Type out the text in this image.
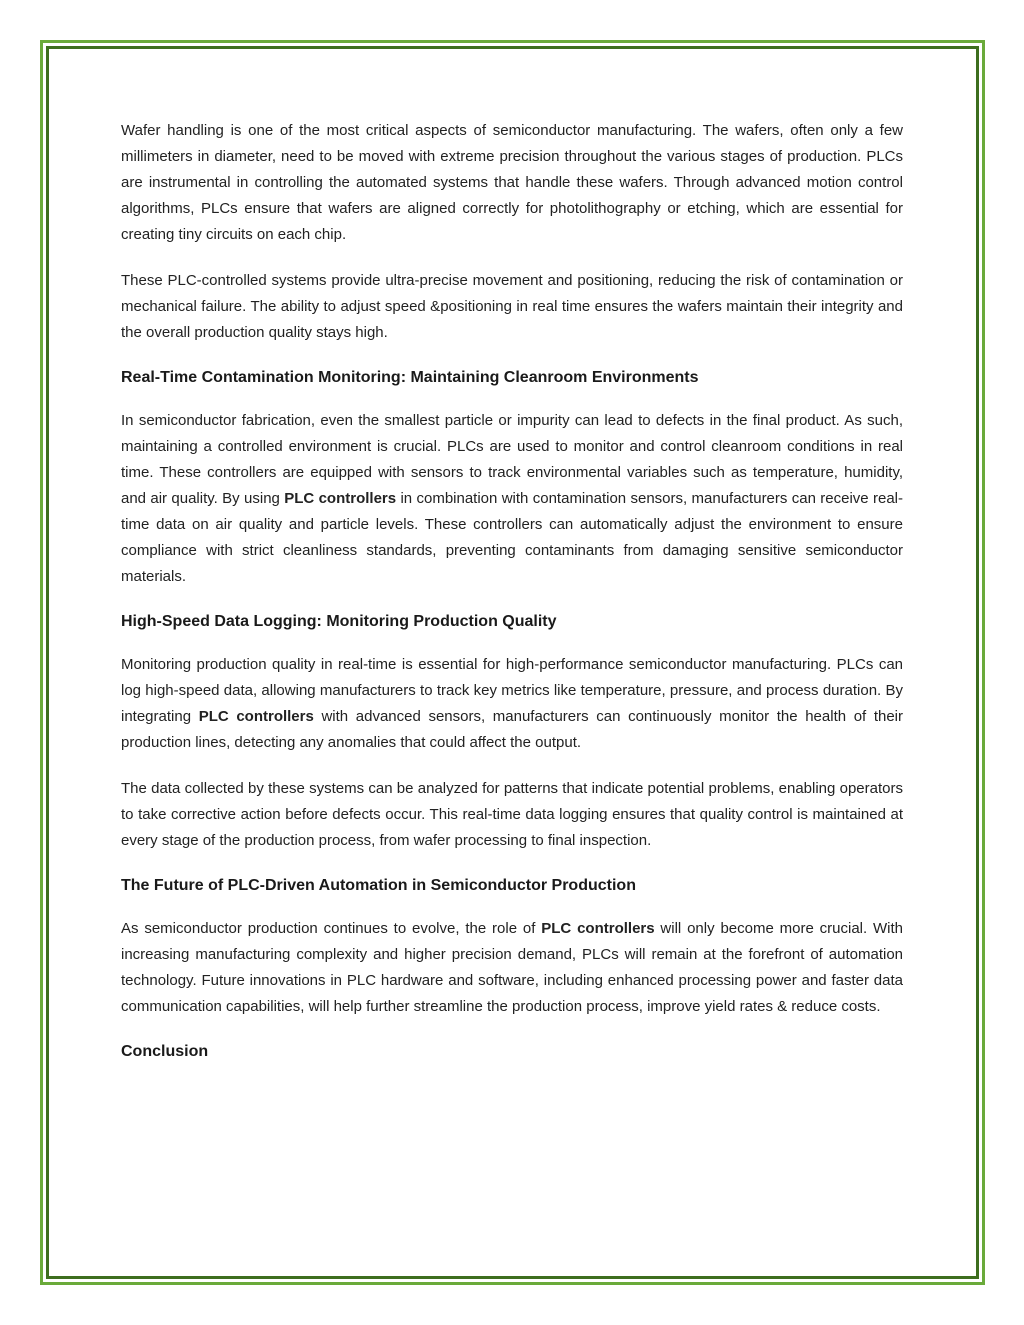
Wafer handling is one of the most critical aspects of semiconductor manufacturing. The wafers, often only a few millimeters in diameter, need to be moved with extreme precision throughout the various stages of production. PLCs are instrumental in controlling the automated systems that handle these wafers. Through advanced motion control algorithms, PLCs ensure that wafers are aligned correctly for photolithography or etching, which are essential for creating tiny circuits on each chip.

These PLC-controlled systems provide ultra-precise movement and positioning, reducing the risk of contamination or mechanical failure. The ability to adjust speed &positioning in real time ensures the wafers maintain their integrity and the overall production quality stays high.

Real-Time Contamination Monitoring: Maintaining Cleanroom Environments

In semiconductor fabrication, even the smallest particle or impurity can lead to defects in the final product. As such, maintaining a controlled environment is crucial. PLCs are used to monitor and control cleanroom conditions in real time. These controllers are equipped with sensors to track environmental variables such as temperature, humidity, and air quality. By using PLC controllers in combination with contamination sensors, manufacturers can receive real-time data on air quality and particle levels. These controllers can automatically adjust the environment to ensure compliance with strict cleanliness standards, preventing contaminants from damaging sensitive semiconductor materials.

High-Speed Data Logging: Monitoring Production Quality

Monitoring production quality in real-time is essential for high-performance semiconductor manufacturing. PLCs can log high-speed data, allowing manufacturers to track key metrics like temperature, pressure, and process duration. By integrating PLC controllers with advanced sensors, manufacturers can continuously monitor the health of their production lines, detecting any anomalies that could affect the output.

The data collected by these systems can be analyzed for patterns that indicate potential problems, enabling operators to take corrective action before defects occur. This real-time data logging ensures that quality control is maintained at every stage of the production process, from wafer processing to final inspection.

The Future of PLC-Driven Automation in Semiconductor Production

As semiconductor production continues to evolve, the role of PLC controllers will only become more crucial. With increasing manufacturing complexity and higher precision demand, PLCs will remain at the forefront of automation technology. Future innovations in PLC hardware and software, including enhanced processing power and faster data communication capabilities, will help further streamline the production process, improve yield rates & reduce costs.

Conclusion
